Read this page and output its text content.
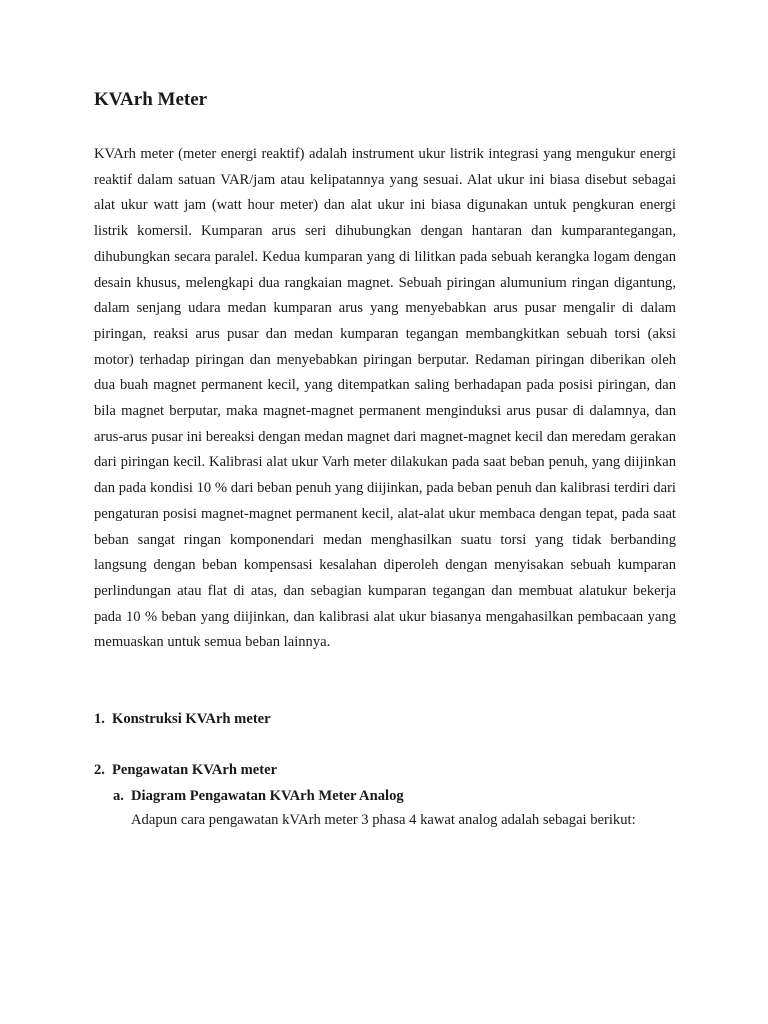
KVArh Meter

KVArh meter (meter energi reaktif) adalah instrument ukur listrik integrasi yang mengukur energi reaktif dalam satuan VAR/jam atau kelipatannya yang sesuai. Alat ukur ini biasa disebut sebagai alat ukur watt jam (watt hour meter) dan alat ukur ini biasa digunakan untuk pengkuran energi listrik komersil. Kumparan arus seri dihubungkan dengan hantaran dan kumparantegangan, dihubungkan secara paralel. Kedua kumparan yang di lilitkan pada sebuah kerangka logam dengan desain khusus, melengkapi dua rangkaian magnet. Sebuah piringan alumunium ringan digantung, dalam senjang udara medan kumparan arus yang menyebabkan arus pusar mengalir di dalam piringan, reaksi arus pusar dan medan kumparan tegangan membangkitkan sebuah torsi (aksi motor) terhadap piringan dan menyebabkan piringan berputar. Redaman piringan diberikan oleh dua buah magnet permanent kecil, yang ditempatkan saling berhadapan pada posisi piringan, dan bila magnet berputar, maka magnet-magnet permanent menginduksi arus pusar di dalamnya, dan arus-arus pusar ini bereaksi dengan medan magnet dari magnet-magnet kecil dan meredam gerakan dari piringan kecil. Kalibrasi alat ukur Varh meter dilakukan pada saat beban penuh, yang diijinkan dan pada kondisi 10 % dari beban penuh yang diijinkan, pada beban penuh dan kalibrasi terdiri dari pengaturan posisi magnet-magnet permanent kecil, alat-alat ukur membaca dengan tepat, pada saat beban sangat ringan komponendari medan menghasilkan suatu torsi yang tidak berbanding langsung dengan beban kompensasi kesalahan diperoleh dengan menyisakan sebuah kumparan perlindungan atau flat di atas, dan sebagian kumparan tegangan dan membuat alatukur bekerja pada 10 % beban yang diijinkan, dan kalibrasi alat ukur biasanya mengahasilkan pembacaan yang memuaskan untuk semua beban lainnya.

1. Konstruksi KVArh meter
2. Pengawatan KVArh meter
a. Diagram Pengawatan KVArh Meter Analog

Adapun cara pengawatan kVArh meter 3 phasa 4 kawat analog adalah sebagai berikut:
